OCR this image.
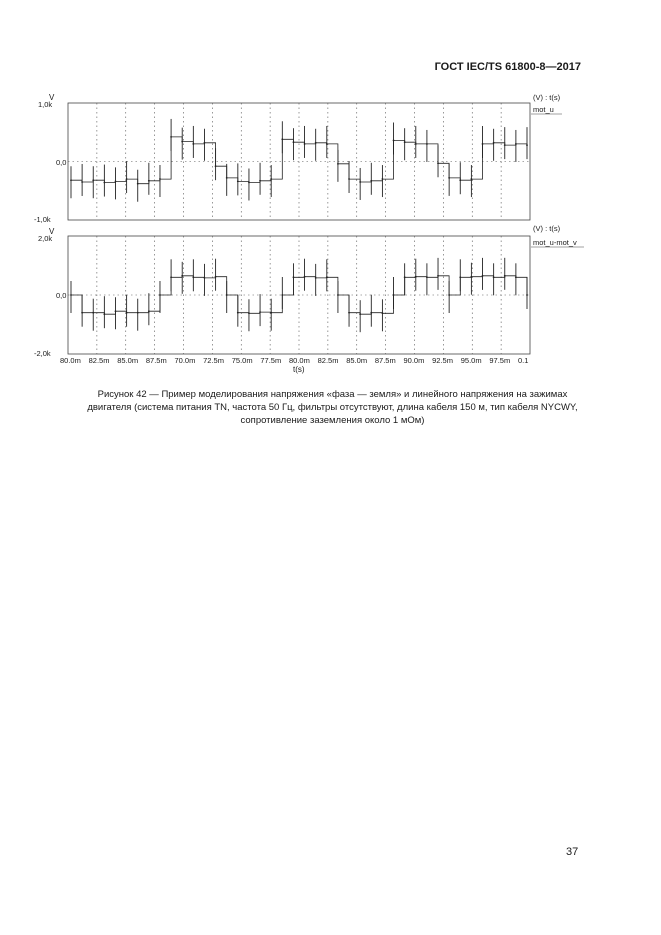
ГОСТ IEC/TS 61800-8—2017
V
1,0k
0,0
-1,0k
(V) : t(s)
mot_u
V
2,0k
0,0
-2,0k
(V) : t(s)
mot_u-mot_v
80.0m 82.5m 85.0m 87.5m 70.0m 72.5m 75.0m 77.5m 80.0m 82.5m 85.0m 87.5m 90.0m 92.5m 95.0m 97.5m 0.1
t(s)
Рисунок 42 — Пример моделирования напряжения «фаза — земля» и линейного напряжения на зажимах
двигателя (система питания TN, частота 50 Гц, фильтры отсутствуют, длина кабеля 150 м, тип кабеля NYCWY,
сопротивление заземления около 1 мОм)
37
